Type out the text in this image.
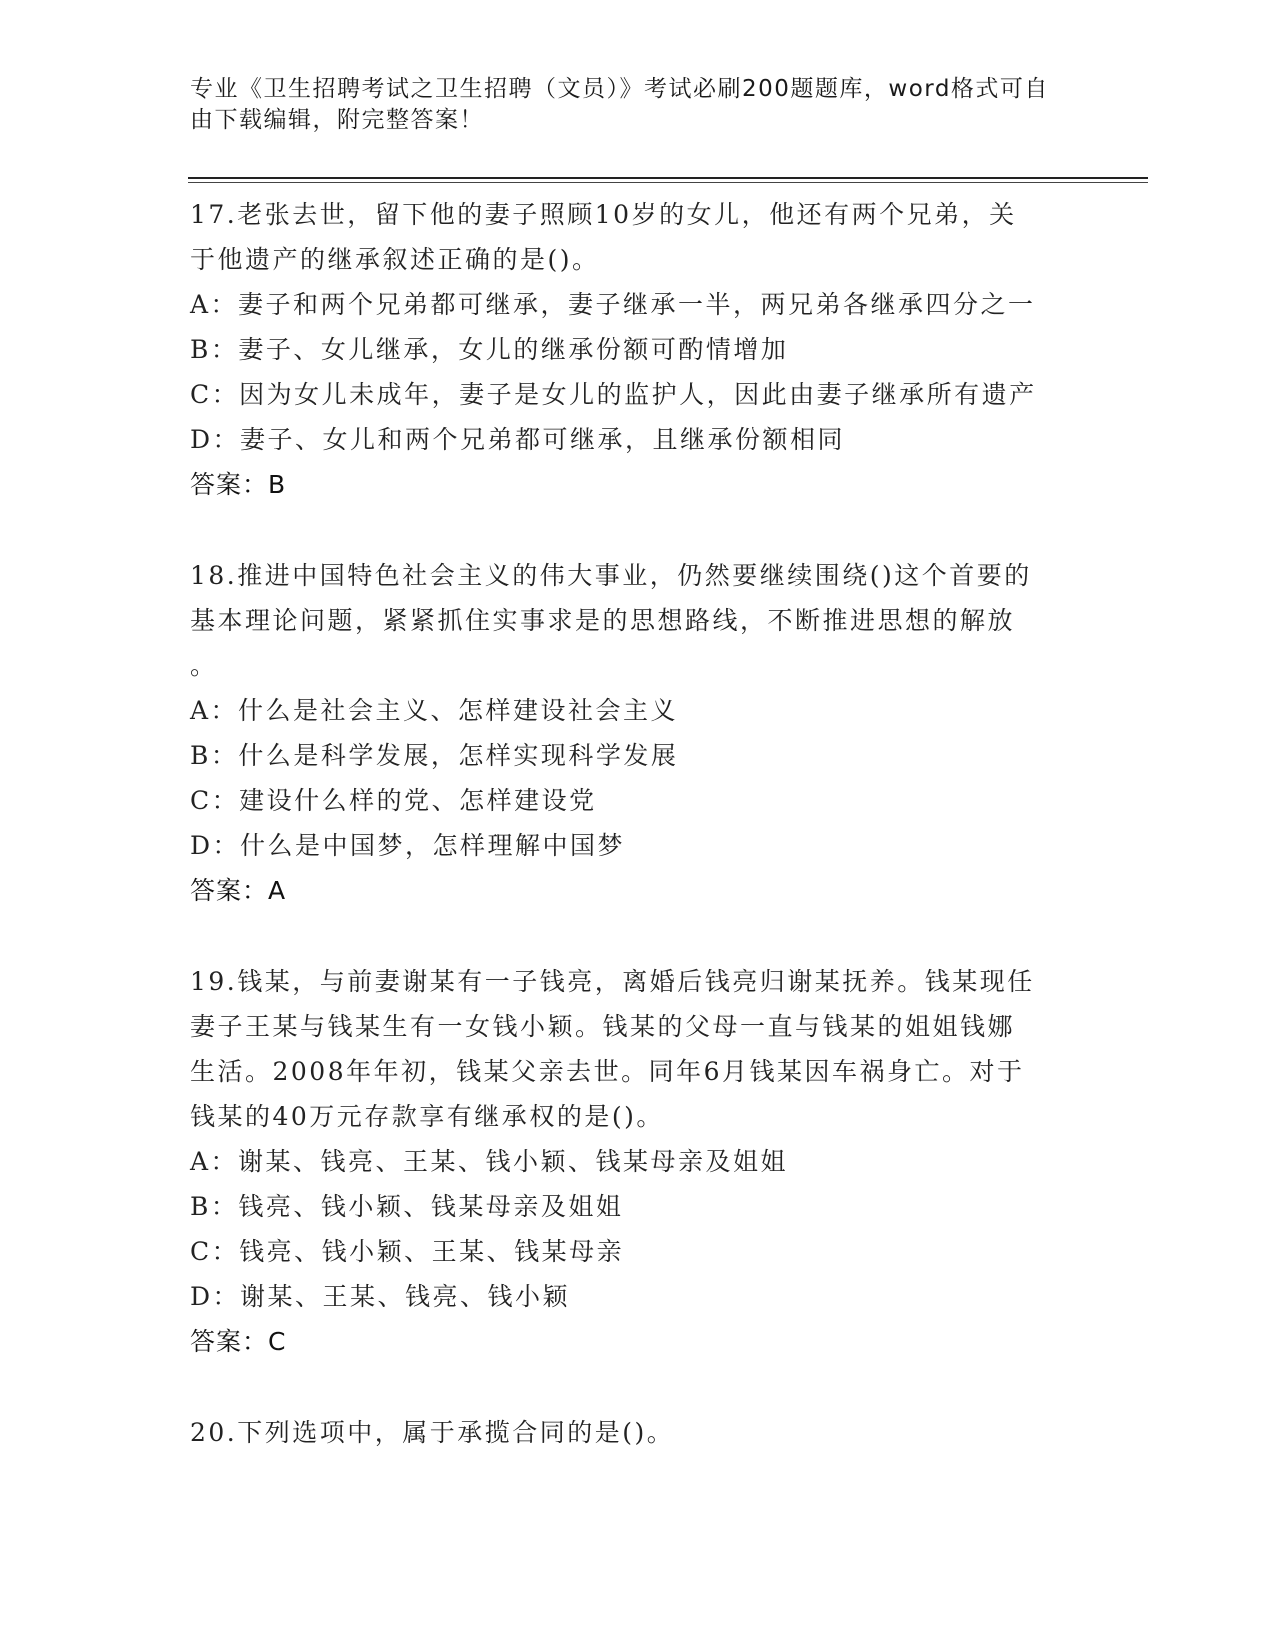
专业《卫生招聘考试之卫生招聘（文员）》考试必刷200题题库，word格式可自
由下载编辑，附完整答案！

17.老张去世，留下他的妻子照顾10岁的女儿，他还有两个兄弟，关

于他遗产的继承叙述正确的是()。

A：妻子和两个兄弟都可继承，妻子继承一半，两兄弟各继承四分之一

B：妻子、女儿继承，女儿的继承份额可酌情增加

C：因为女儿未成年，妻子是女儿的监护人，因此由妻子继承所有遗产

D：妻子、女儿和两个兄弟都可继承，且继承份额相同

答案：B

18.推进中国特色社会主义的伟大事业，仍然要继续围绕()这个首要的

基本理论问题，紧紧抓住实事求是的思想路线，不断推进思想的解放

。

A：什么是社会主义、怎样建设社会主义

B：什么是科学发展，怎样实现科学发展

C：建设什么样的党、怎样建设党

D：什么是中国梦，怎样理解中国梦

答案：A

19.钱某，与前妻谢某有一子钱亮，离婚后钱亮归谢某抚养。钱某现任

妻子王某与钱某生有一女钱小颖。钱某的父母一直与钱某的姐姐钱娜

生活。2008年年初，钱某父亲去世。同年6月钱某因车祸身亡。对于

钱某的40万元存款享有继承权的是()。

A：谢某、钱亮、王某、钱小颖、钱某母亲及姐姐

B：钱亮、钱小颖、钱某母亲及姐姐

C：钱亮、钱小颖、王某、钱某母亲

D：谢某、王某、钱亮、钱小颖

答案：C

20.下列选项中，属于承揽合同的是()。
